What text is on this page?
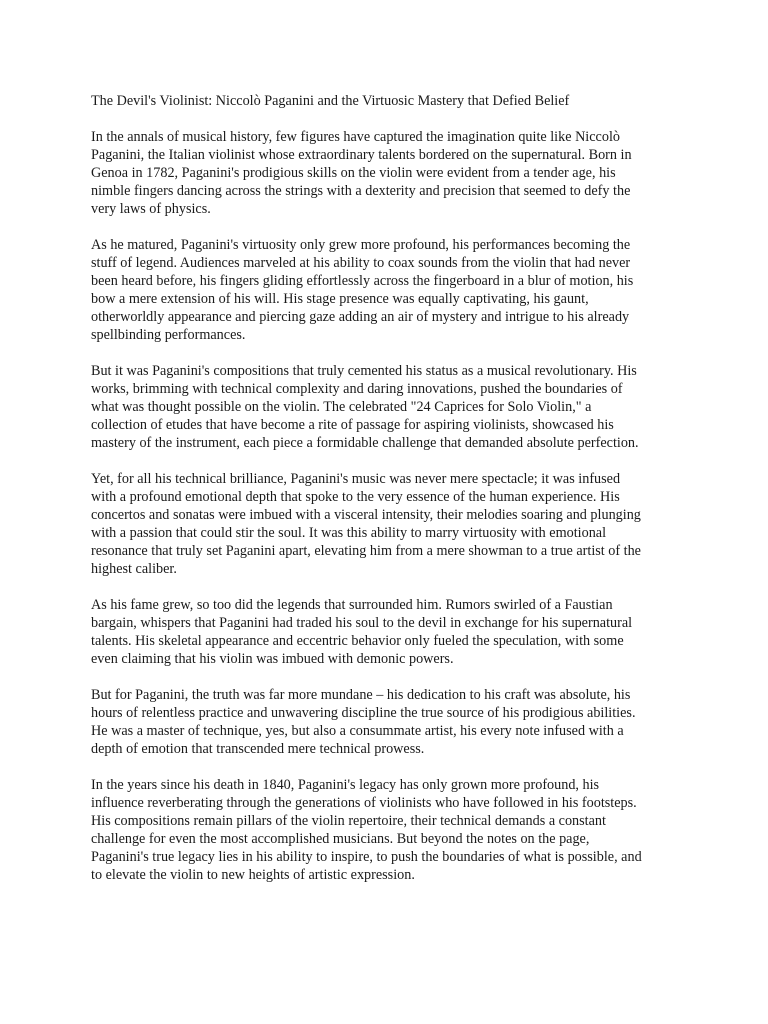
The Devil's Violinist: Niccolò Paganini and the Virtuosic Mastery that Defied Belief

In the annals of musical history, few figures have captured the imagination quite like Niccolò
Paganini, the Italian violinist whose extraordinary talents bordered on the supernatural. Born in
Genoa in 1782, Paganini's prodigious skills on the violin were evident from a tender age, his
nimble fingers dancing across the strings with a dexterity and precision that seemed to defy the
very laws of physics.

As he matured, Paganini's virtuosity only grew more profound, his performances becoming the
stuff of legend. Audiences marveled at his ability to coax sounds from the violin that had never
been heard before, his fingers gliding effortlessly across the fingerboard in a blur of motion, his
bow a mere extension of his will. His stage presence was equally captivating, his gaunt,
otherworldly appearance and piercing gaze adding an air of mystery and intrigue to his already
spellbinding performances.

But it was Paganini's compositions that truly cemented his status as a musical revolutionary. His
works, brimming with technical complexity and daring innovations, pushed the boundaries of
what was thought possible on the violin. The celebrated "24 Caprices for Solo Violin," a
collection of etudes that have become a rite of passage for aspiring violinists, showcased his
mastery of the instrument, each piece a formidable challenge that demanded absolute perfection.

Yet, for all his technical brilliance, Paganini's music was never mere spectacle; it was infused
with a profound emotional depth that spoke to the very essence of the human experience. His
concertos and sonatas were imbued with a visceral intensity, their melodies soaring and plunging
with a passion that could stir the soul. It was this ability to marry virtuosity with emotional
resonance that truly set Paganini apart, elevating him from a mere showman to a true artist of the
highest caliber.

As his fame grew, so too did the legends that surrounded him. Rumors swirled of a Faustian
bargain, whispers that Paganini had traded his soul to the devil in exchange for his supernatural
talents. His skeletal appearance and eccentric behavior only fueled the speculation, with some
even claiming that his violin was imbued with demonic powers.

But for Paganini, the truth was far more mundane – his dedication to his craft was absolute, his
hours of relentless practice and unwavering discipline the true source of his prodigious abilities.
He was a master of technique, yes, but also a consummate artist, his every note infused with a
depth of emotion that transcended mere technical prowess.

In the years since his death in 1840, Paganini's legacy has only grown more profound, his
influence reverberating through the generations of violinists who have followed in his footsteps.
His compositions remain pillars of the violin repertoire, their technical demands a constant
challenge for even the most accomplished musicians. But beyond the notes on the page,
Paganini's true legacy lies in his ability to inspire, to push the boundaries of what is possible, and
to elevate the violin to new heights of artistic expression.
